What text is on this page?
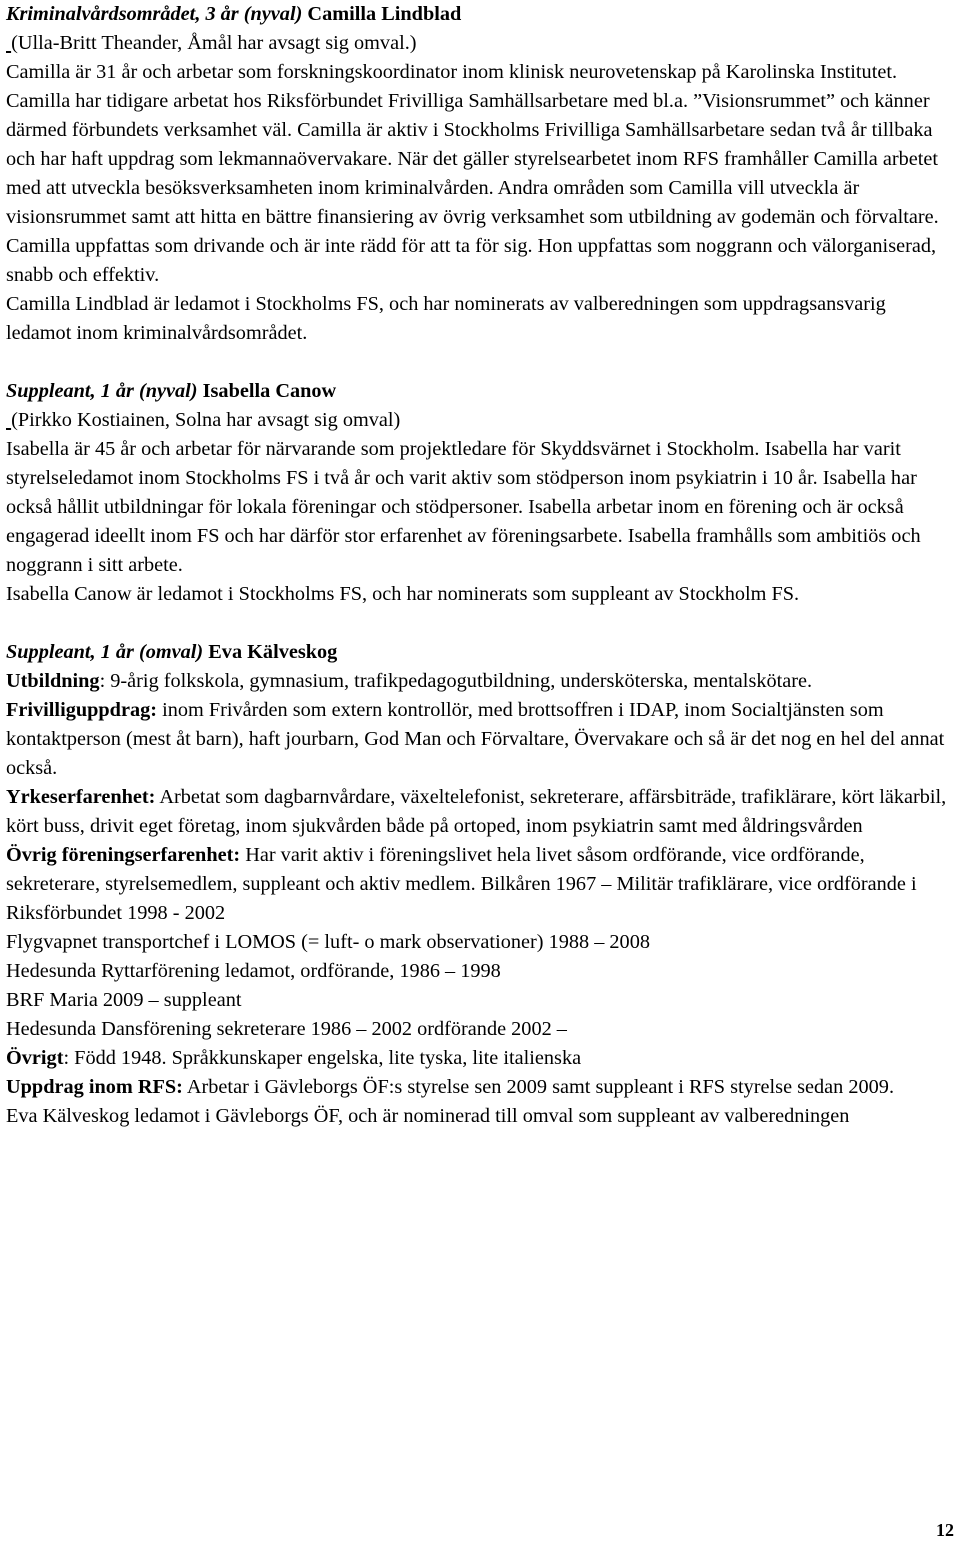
Kriminalvårdsområdet, 3 år (nyval) Camilla Lindblad

(Ulla-Britt Theander, Åmål har avsagt sig omval.)

Camilla är 31 år och arbetar som forskningskoordinator inom klinisk neurovetenskap på Karolinska Institutet. Camilla har tidigare arbetat hos Riksförbundet Frivilliga Samhällsarbetare med bl.a. ”Visionsrummet” och känner därmed förbundets verksamhet väl. Camilla är aktiv i Stockholms Frivilliga Samhällsarbetare sedan två år tillbaka och har haft uppdrag som lekmannaövervakare. När det gäller styrelsearbetet inom RFS framhåller Camilla arbetet med att utveckla besöksverksamheten inom kriminalvården. Andra områden som Camilla vill utveckla är visionsrummet samt att hitta en bättre finansiering av övrig verksamhet som utbildning av godemän och förvaltare. Camilla uppfattas som drivande och är inte rädd för att ta för sig. Hon uppfattas som noggrann och välorganiserad, snabb och effektiv.

Camilla Lindblad är ledamot i Stockholms FS, och har nominerats av valberedningen som uppdragsansvarig ledamot inom kriminalvårdsområdet.

Suppleant, 1 år (nyval) Isabella Canow

(Pirkko Kostiainen, Solna har avsagt sig omval)

Isabella är 45 år och arbetar för närvarande som projektledare för Skyddsvärnet i Stockholm. Isabella har varit styrelseledamot inom Stockholms FS i två år och varit aktiv som stödperson inom psykiatrin i 10 år. Isabella har också hållit utbildningar för lokala föreningar och stödpersoner. Isabella arbetar inom en förening och är också engagerad ideellt inom FS och har därför stor erfarenhet av föreningsarbete. Isabella framhålls som ambitiös och noggrann i sitt arbete.

Isabella Canow är ledamot i Stockholms FS, och har nominerats som suppleant av Stockholm FS.

Suppleant, 1 år (omval) Eva Kälveskog

Utbildning: 9-årig folkskola, gymnasium, trafikpedagogutbildning, undersköterska, mentalskötare.

Frivilliguppdrag: inom Frivården som extern kontrollör, med brottsoffren i IDAP, inom Socialtjänsten som kontaktperson (mest åt barn), haft jourbarn, God Man och Förvaltare, Övervakare och så är det nog en hel del annat också.

Yrkeserfarenhet: Arbetat som dagbarnvårdare, växeltelefonist, sekreterare, affärsbiträde, trafiklärare, kört läkarbil, kört buss, drivit eget företag, inom sjukvården både på ortoped, inom psykiatrin samt med åldringsvården

Övrig föreningserfarenhet: Har varit aktiv i föreningslivet hela livet såsom ordförande, vice ordförande, sekreterare, styrelsemedlem, suppleant och aktiv medlem. Bilkåren 1967 – Militär trafiklärare, vice ordförande i Riksförbundet 1998 - 2002

Flygvapnet transportchef i LOMOS (= luft- o mark observationer) 1988 – 2008

Hedesunda Ryttarförening ledamot, ordförande, 1986 – 1998

BRF Maria 2009 – suppleant

Hedesunda Dansförening sekreterare 1986 – 2002 ordförande 2002 –

Övrigt: Född 1948. Språkkunskaper engelska, lite tyska, lite italienska

Uppdrag inom RFS: Arbetar i Gävleborgs ÖF:s styrelse sen 2009 samt suppleant i RFS styrelse sedan 2009.

Eva Kälveskog ledamot i Gävleborgs ÖF, och är nominerad till omval som suppleant av valberedningen

12
